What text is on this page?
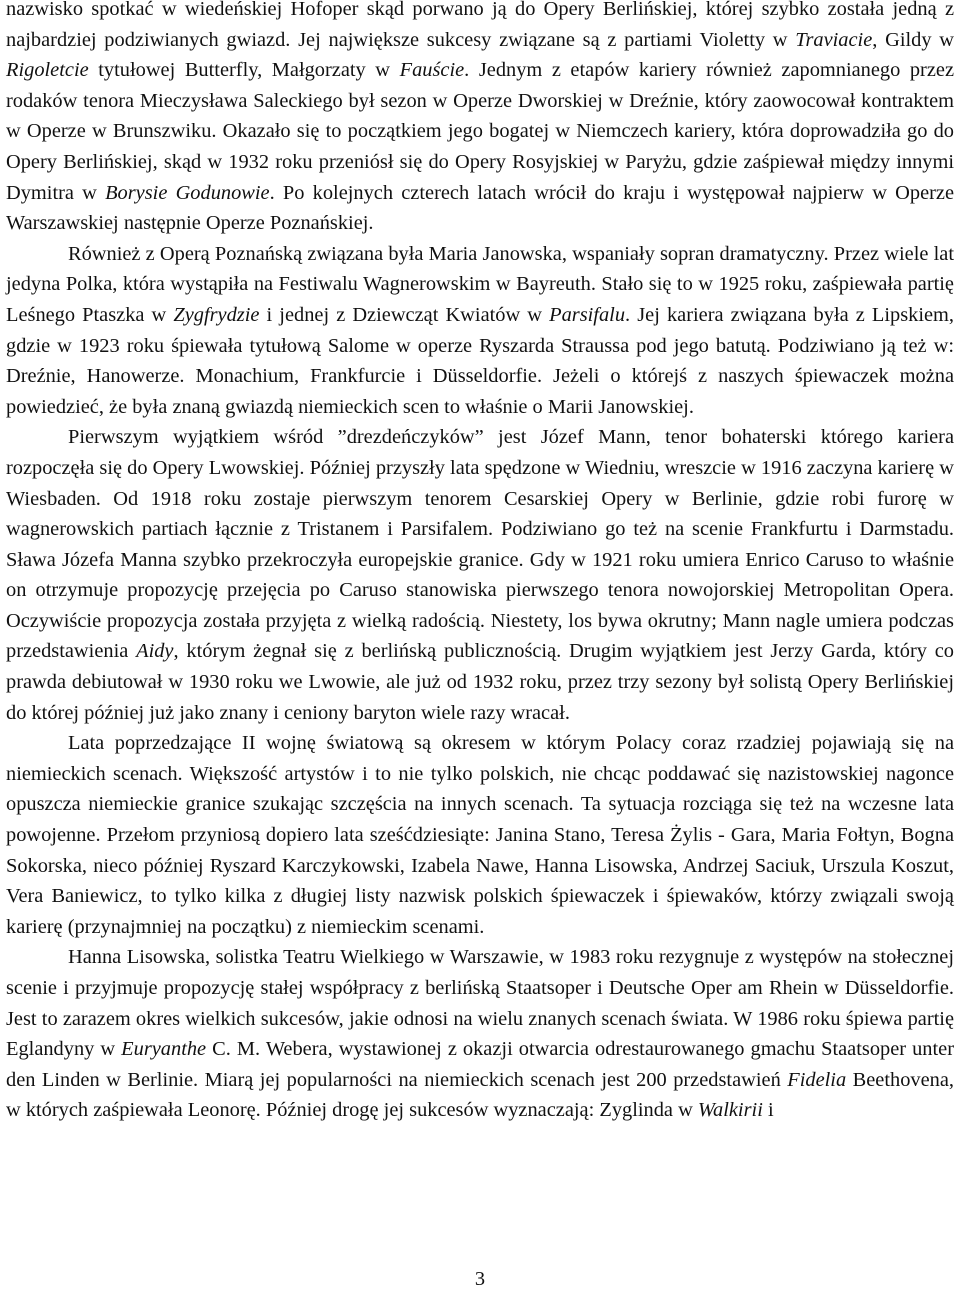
nazwisko spotkać w wiedeńskiej Hofoper skąd porwano ją do Opery Berlińskiej, której szybko została jedną z najbardziej podziwianych gwiazd. Jej największe sukcesy związane są z partiami Violetty w Traviacie, Gildy w Rigoletcie tytułowej Butterfly, Małgorzaty w Fauście. Jednym z etapów kariery również zapomnianego przez rodaków tenora Mieczysława Saleckiego był sezon w Operze Dworskiej w Dreźnie, który zaowocował kontraktem w Operze w Brunszwiku. Okazało się to początkiem jego bogatej w Niemczech kariery, która doprowadziła go do Opery Berlińskiej, skąd w 1932 roku przeniósł się do Opery Rosyjskiej w Paryżu, gdzie zaśpiewał między innymi Dymitra w Borysie Godunowie. Po kolejnych czterech latach wrócił do kraju i występował najpierw w Operze Warszawskiej następnie Operze Poznańskiej.

Również z Operą Poznańską związana była Maria Janowska, wspaniały sopran dramatyczny. Przez wiele lat jedyna Polka, która wystąpiła na Festiwalu Wagnerowskim w Bayreuth. Stało się to w 1925 roku, zaśpiewała partię Leśnego Ptaszka w Zygfrydzie i jednej z Dziewcząt Kwiatów w Parsifalu. Jej kariera związana była z Lipskiem, gdzie w 1923 roku śpiewała tytułową Salome w operze Ryszarda Straussa pod jego batutą. Podziwiano ją też w: Dreźnie, Hanowerze. Monachium, Frankfurcie i Düsseldorfie. Jeżeli o którejś z naszych śpiewaczek można powiedzieć, że była znaną gwiazdą niemieckich scen to właśnie o Marii Janowskiej.

Pierwszym wyjątkiem wśród ”drezdeńczyków” jest Józef Mann, tenor bohaterski którego kariera rozpoczęła się do Opery Lwowskiej. Później przyszły lata spędzone w Wiedniu, wreszcie w 1916 zaczyna karierę w Wiesbaden. Od 1918 roku zostaje pierwszym tenorem Cesarskiej Opery w Berlinie, gdzie robi furorę w wagnerowskich partiach łącznie z Tristanem i Parsifalem. Podziwiano go też na scenie Frankfurtu i Darmstadu. Sława Józefa Manna szybko przekroczyła europejskie granice. Gdy w 1921 roku umiera Enrico Caruso to właśnie on otrzymuje propozycję przejęcia po Caruso stanowiska pierwszego tenora nowojorskiej Metropolitan Opera. Oczywiście propozycja została przyjęta z wielką radością. Niestety, los bywa okrutny; Mann nagle umiera podczas przedstawienia Aidy, którym żegnał się z berlińską publicznością. Drugim wyjątkiem jest Jerzy Garda, który co prawda debiutował w 1930 roku we Lwowie, ale już od 1932 roku, przez trzy sezony był solistą Opery Berlińskiej do której później już jako znany i ceniony baryton wiele razy wracał.

Lata poprzedzające II wojnę światową są okresem w którym Polacy coraz rzadziej pojawiają się na niemieckich scenach. Większość artystów i to nie tylko polskich, nie chcąc poddawać się nazistowskiej nagonce opuszcza niemieckie granice szukając szczęścia na innych scenach. Ta sytuacja rozciąga się też na wczesne lata powojenne. Przełom przyniosą dopiero lata sześćdziesiąte: Janina Stano, Teresa Żylis - Gara, Maria Fołtyn, Bogna Sokorska, nieco później Ryszard Karczykowski, Izabela Nawe, Hanna Lisowska, Andrzej Saciuk, Urszula Koszut, Vera Baniewicz, to tylko kilka z długiej listy nazwisk polskich śpiewaczek i śpiewaków, którzy związali swoją karierę (przynajmniej na początku) z niemieckim scenami.

Hanna Lisowska, solistka Teatru Wielkiego w Warszawie, w 1983 roku rezygnuje z występów na stołecznej scenie i przyjmuje propozycję stałej współpracy z berlińską Staatsoper i Deutsche Oper am Rhein w Düsseldorfie. Jest to zarazem okres wielkich sukcesów, jakie odnosi na wielu znanych scenach świata. W 1986 roku śpiewa partię Eglandyny w Euryanthe C. M. Webera, wystawionej z okazji otwarcia odrestaurowanego gmachu Staatsoper unter den Linden w Berlinie. Miarą jej popularności na niemieckich scenach jest 200 przedstawień Fidelia Beethovena, w których zaśpiewała Leonorę. Później drogę jej sukcesów wyznaczają: Zyglinda w Walkirii i

3
